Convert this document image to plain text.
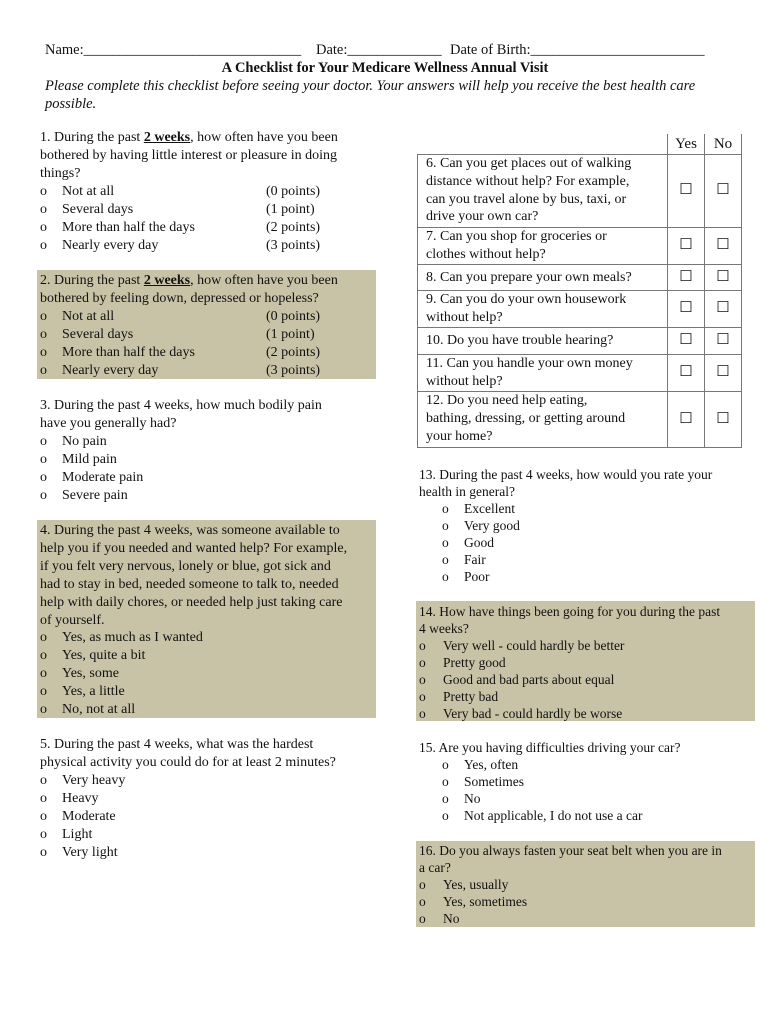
Name:______________________________ Date:_____________ Date of Birth:________________________
A Checklist for Your Medicare Wellness Annual Visit
Please complete this checklist before seeing your doctor. Your answers will help you receive the best health care
possible.
1. During the past 2 weeks, how often have you been
bothered by having little interest or pleasure in doing
things?
o Not at all	(0 points)
o Several days	(1 point)
o More than half the days	(2 points)
o Nearly every day	(3 points)
2. During the past 2 weeks, how often have you been
bothered by feeling down, depressed or hopeless?
o Not at all	(0 points)
o Several days	(1 point)
o More than half the days	(2 points)
o Nearly every day	(3 points)
3. During the past 4 weeks, how much bodily pain
have you generally had?
o No pain
o Mild pain
o Moderate pain
o Severe pain
4. During the past 4 weeks, was someone available to
help you if you needed and wanted help? For example,
if you felt very nervous, lonely or blue, got sick and
had to stay in bed, needed someone to talk to, needed
help with daily chores, or needed help just taking care
of yourself.
o Yes, as much as I wanted
o Yes, quite a bit
o Yes, some
o Yes, a little
o No, not at all
5. During the past 4 weeks, what was the hardest
physical activity you could do for at least 2 minutes?
o Very heavy
o Heavy
o Moderate
o Light
o Very light
	Yes	No

6. Can you get places out of walking
distance without help? For example,
can you travel alone by bus, taxi, or
drive your own car?	☐	☐

7. Can you shop for groceries or
clothes without help?	☐	☐

8. Can you prepare your own meals?	☐	☐

9. Can you do your own housework
without help?	☐	☐

10. Do you have trouble hearing?	☐	☐

11. Can you handle your own money
without help?	☐	☐

12. Do you need help eating,
bathing, dressing, or getting around
your home?	☐	☐
13. During the past 4 weeks, how would you rate your
health in general?
o Excellent
o Very good
o Good
o Fair
o Poor
14. How have things been going for you during the past
4 weeks?
o Very well - could hardly be better
o Pretty good
o Good and bad parts about equal
o Pretty bad
o Very bad - could hardly be worse
15. Are you having difficulties driving your car?
o Yes, often
o Sometimes
o No
o Not applicable, I do not use a car
16. Do you always fasten your seat belt when you are in
a car?
o Yes, usually
o Yes, sometimes
o No
